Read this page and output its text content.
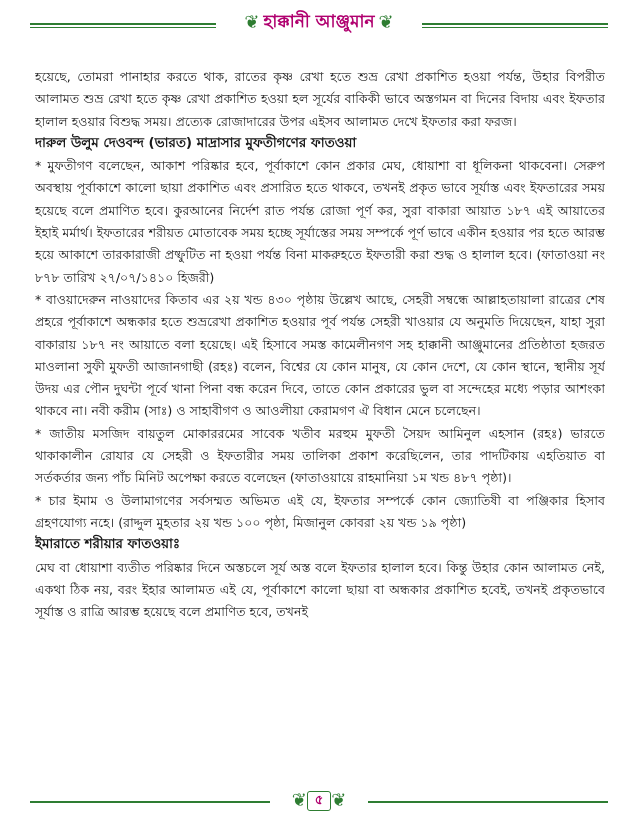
❦ হাক্কানী আঞ্জুমান ❦

হয়েছে, তোমরা পানাহার করতে থাক, রাতের কৃষ্ণ রেখা হতে শুভ্র রেখা প্রকাশিত হওয়া পর্যন্ত, উহার বিপরীত আলামত শুভ্র রেখা হতে কৃষ্ণ রেখা প্রকাশিত হওয়া হল সূর্যের বাকিকী ভাবে অস্তগমন বা দিনের বিদায় এবং ইফতার হালাল হওয়ার বিশুদ্ধ সময়। প্রত্যেক রোজাদারের উপর এইসব আলামত দেখে ইফতার করা ফরজ।

দারুল উলুম দেওবন্দ (ভারত) মাদ্রাসার মুফতীগণের ফাতওয়া

* মুফতীগণ বলেছেন, আকাশ পরিষ্কার হবে, পূর্বাকাশে কোন প্রকার মেঘ, ধোয়াশা বা ধূলিকনা থাকবেনা। সেরুপ অবস্থায় পূর্বাকাশে কালো ছায়া প্রকাশিত এবং প্রসারিত হতে থাকবে, তখনই প্রকৃত ভাবে সূর্যাস্ত এবং ইফতারের সময় হয়েছে বলে প্রমাণিত হবে। কুরআনের নির্দেশ রাত পর্যন্ত রোজা পূর্ণ কর, সুরা বাকারা আয়াত ১৮৭ এই আয়াতের ইহাই মর্মার্থ। ইফতারের শরীয়ত মোতাবেক সময় হচ্ছে সূর্যাস্তের সময় সম্পর্কে পূর্ণ ভাবে একীন হওয়ার পর হতে আরম্ভ হয়ে আকাশে তারকারাজী প্রষ্ফুটিত না হওয়া পর্যন্ত বিনা মাকরুহতে ইফতারী করা শুদ্ধ ও হালাল হবে। (ফাতাওয়া নং ৮৭৮ তারিখ ২৭/০৭/১৪১০ হিজরী)

* বাওয়াদেরুন নাওয়াদের কিতাব এর ২য় খন্ড ৪৩০ পৃষ্ঠায় উল্লেখ আছে, সেহরী সম্বন্ধে আল্লাহতায়ালা রাত্রের শেষ প্রহরে পূর্বাকাশে অন্ধকার হতে শুভ্ররেখা প্রকাশিত হওয়ার পূর্ব পর্যন্ত সেহরী খাওয়ার যে অনুমতি দিয়েছেন, যাহা সুরা বাকারায় ১৮৭ নং আয়াতে বলা হয়েছে। এই হিসাবে সমস্ত কামেলীনগণ সহ হাক্কানী আঞ্জুমানের প্রতিষ্ঠাতা হজরত মাওলানা সুফী মুফতী আজানগাছী (রহঃ) বলেন, বিশ্বের যে কোন মানুষ, যে কোন দেশে, যে কোন স্থানে, স্থানীয় সূর্য উদয় এর পৌন দুঘন্টা পূর্বে খানা পিনা বন্ধ করেন দিবে, তাতে কোন প্রকারের ভুল বা সন্দেহের মধ্যে পড়ার আশংকা থাকবে না। নবী করীম (সাঃ) ও সাহাবীগণ ও আওলীয়া কেরামগণ ঐ বিধান মেনে চলেছেন।

* জাতীয় মসজিদ বায়তুল মোকাররমের সাবেক খতীব মরহুম মুফতী সৈয়দ আমিনুল এহসান (রহঃ) ভারতে থাকাকালীন রোযার যে সেহরী ও ইফতারীর সময় তালিকা প্রকাশ করেছিলেন, তার পাদটিকায় এহতিয়াত বা সর্তকর্তার জন্য পাঁচ মিনিট অপেক্ষা করতে বলেছেন (ফাতাওয়ায়ে রাহমানিয়া ১ম খন্ড ৪৮৭ পৃষ্ঠা)।

* চার ইমাম ও উলামাগণের সর্বসম্মত অভিমত এই যে, ইফতার সম্পর্কে কোন জ্যোতিষী বা পঞ্জিকার হিসাব গ্রহণযোগ্য নহে। (রাদ্দুল মুহতার ২য় খন্ড ১০০ পৃষ্ঠা, মিজানুল কোবরা ২য় খন্ড ১৯ পৃষ্ঠা)

ইমারাতে শরীয়ার ফাতওয়াঃ

মেঘ বা ধোয়াশা ব্যতীত পরিষ্কার দিনে অস্তচলে সূর্য অস্ত বলে ইফতার হালাল হবে। কিন্তু উহার কোন আলামত নেই, একথা ঠিক নয়, বরং ইহার আলামত এই যে, পূর্বাকাশে কালো ছায়া বা অন্ধকার প্রকাশিত হবেই, তখনই প্রকৃতভাবে সূর্যাস্ত ও রাত্রি আরম্ভ হয়েছে বলে প্রমাণিত হবে, তখনই

❦ ৫ ❦
